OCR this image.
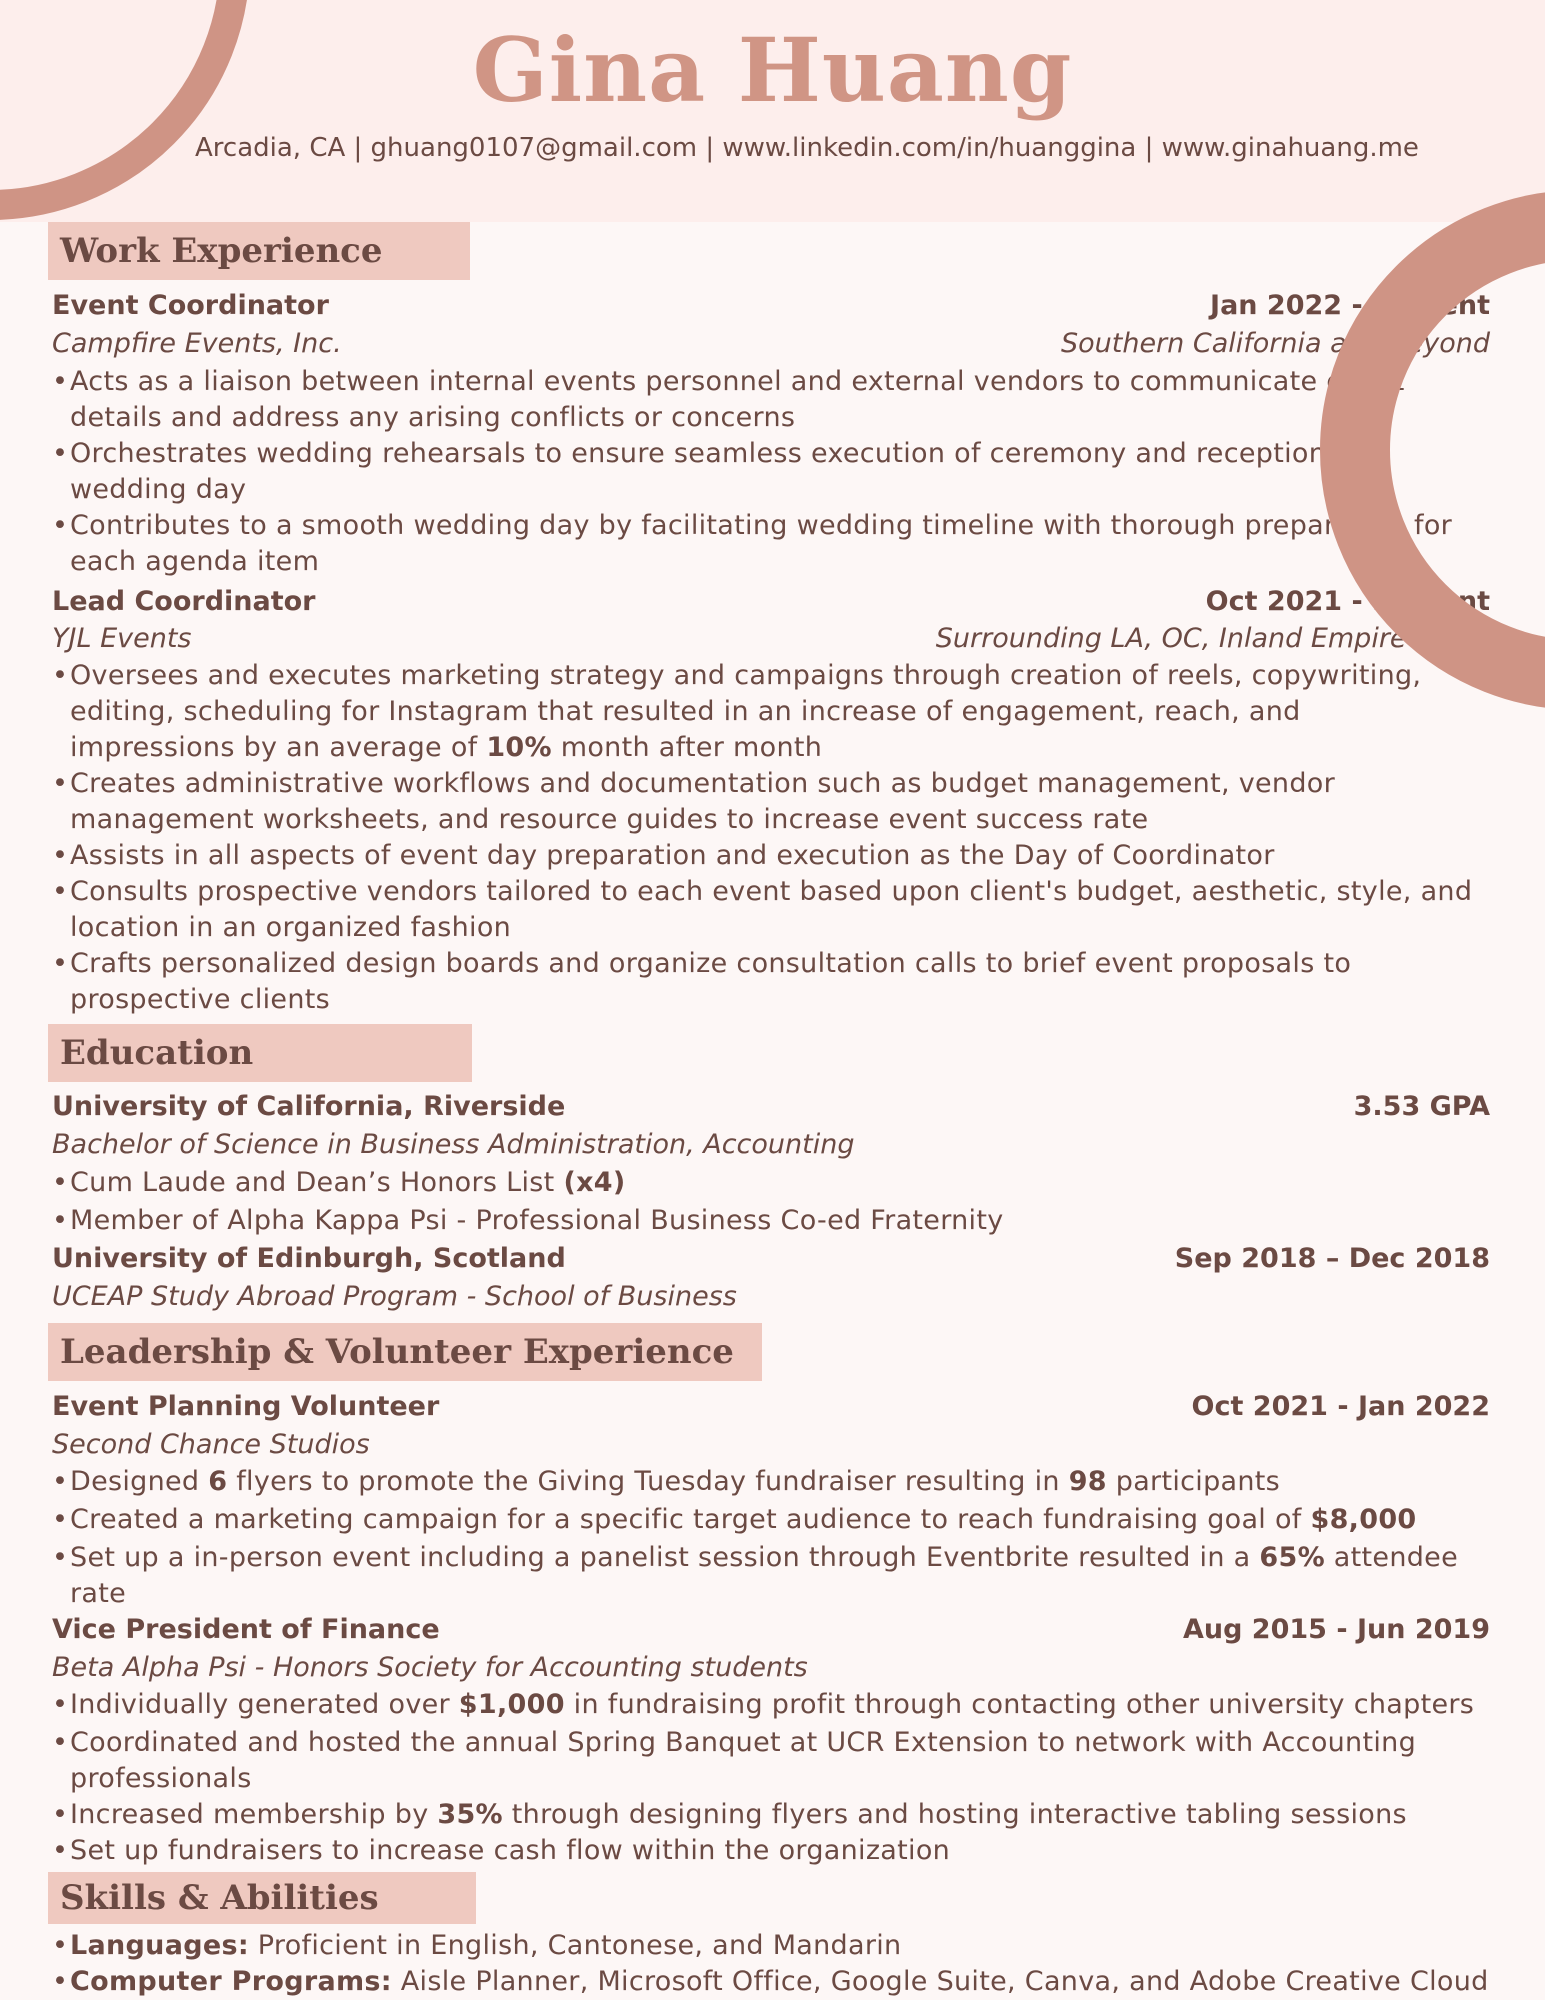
Gina Huang
Arcadia, CA | ghuang0107@gmail.com | www.linkedin.com/in/huanggina | www.ginahuang.me
Work Experience
Event Coordinator	Jan 2022 - Present
Campfire Events, Inc.	Southern California and beyond
• Acts as a liaison between internal events personnel and external vendors to communicate event
details and address any arising conflicts or concerns
• Orchestrates wedding rehearsals to ensure seamless execution of ceremony and reception on
wedding day
• Contributes to a smooth wedding day by facilitating wedding timeline with thorough preparation for
each agenda item
Lead Coordinator	Oct 2021 - Present
YJL Events	Surrounding LA, OC, Inland Empire areas
• Oversees and executes marketing strategy and campaigns through creation of reels, copywriting,
editing, scheduling for Instagram that resulted in an increase of engagement, reach, and
impressions by an average of 10% month after month
• Creates administrative workflows and documentation such as budget management, vendor
management worksheets, and resource guides to increase event success rate
• Assists in all aspects of event day preparation and execution as the Day of Coordinator
• Consults prospective vendors tailored to each event based upon client's budget, aesthetic, style, and
location in an organized fashion
• Crafts personalized design boards and organize consultation calls to brief event proposals to
prospective clients
Education
University of California, Riverside	3.53 GPA
Bachelor of Science in Business Administration, Accounting
• Cum Laude and Dean’s Honors List (x4)
• Member of Alpha Kappa Psi - Professional Business Co-ed Fraternity
University of Edinburgh, Scotland	Sep 2018 – Dec 2018
UCEAP Study Abroad Program - School of Business
Leadership & Volunteer Experience
Event Planning Volunteer	Oct 2021 - Jan 2022
Second Chance Studios
• Designed 6 flyers to promote the Giving Tuesday fundraiser resulting in 98 participants
• Created a marketing campaign for a specific target audience to reach fundraising goal of $8,000
• Set up a in-person event including a panelist session through Eventbrite resulted in a 65% attendee
rate
Vice President of Finance	Aug 2015 - Jun 2019
Beta Alpha Psi - Honors Society for Accounting students
• Individually generated over $1,000 in fundraising profit through contacting other university chapters
• Coordinated and hosted the annual Spring Banquet at UCR Extension to network with Accounting
professionals
• Increased membership by 35% through designing flyers and hosting interactive tabling sessions
• Set up fundraisers to increase cash flow within the organization
Skills & Abilities
• Languages: Proficient in English, Cantonese, and Mandarin
• Computer Programs: Aisle Planner, Microsoft Office, Google Suite, Canva, and Adobe Creative Cloud
